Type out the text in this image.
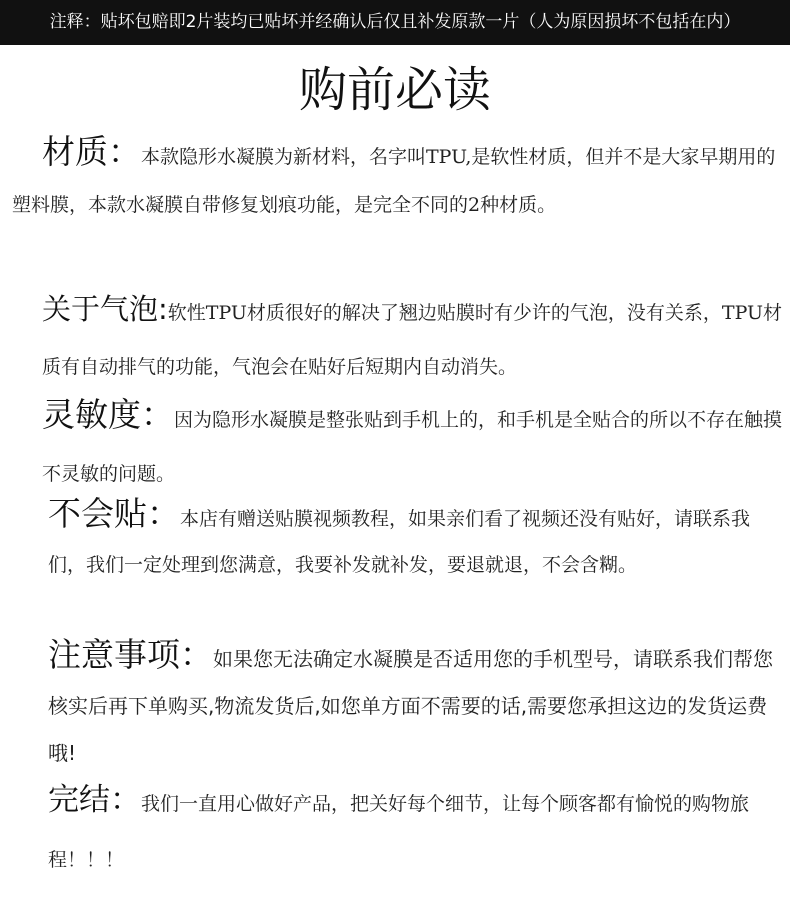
注释：贴坏包赔即2片装均已贴坏并经确认后仅且补发原款一片（人为原因损坏不包括在内）
购前必读

材质：本款隐形水凝膜为新材料，名字叫TPU,是软性材质，但并不是大家早期用的塑料膜，本款水凝膜自带修复划痕功能，是完全不同的2种材质。

关于气泡:软性TPU材质很好的解决了翘边贴膜时有少许的气泡，没有关系，TPU材质有自动排气的功能，气泡会在贴好后短期内自动消失。

灵敏度：因为隐形水凝膜是整张贴到手机上的，和手机是全贴合的所以不存在触摸不灵敏的问题。

不会贴：本店有赠送贴膜视频教程，如果亲们看了视频还没有贴好，请联系我们，我们一定处理到您满意，我要补发就补发，要退就退，不会含糊。

注意事项：如果您无法确定水凝膜是否适用您的手机型号，请联系我们帮您核实后再下单购买,物流发货后,如您单方面不需要的话,需要您承担这边的发货运费哦!

完结：我们一直用心做好产品，把关好每个细节，让每个顾客都有愉悦的购物旅程！！！
